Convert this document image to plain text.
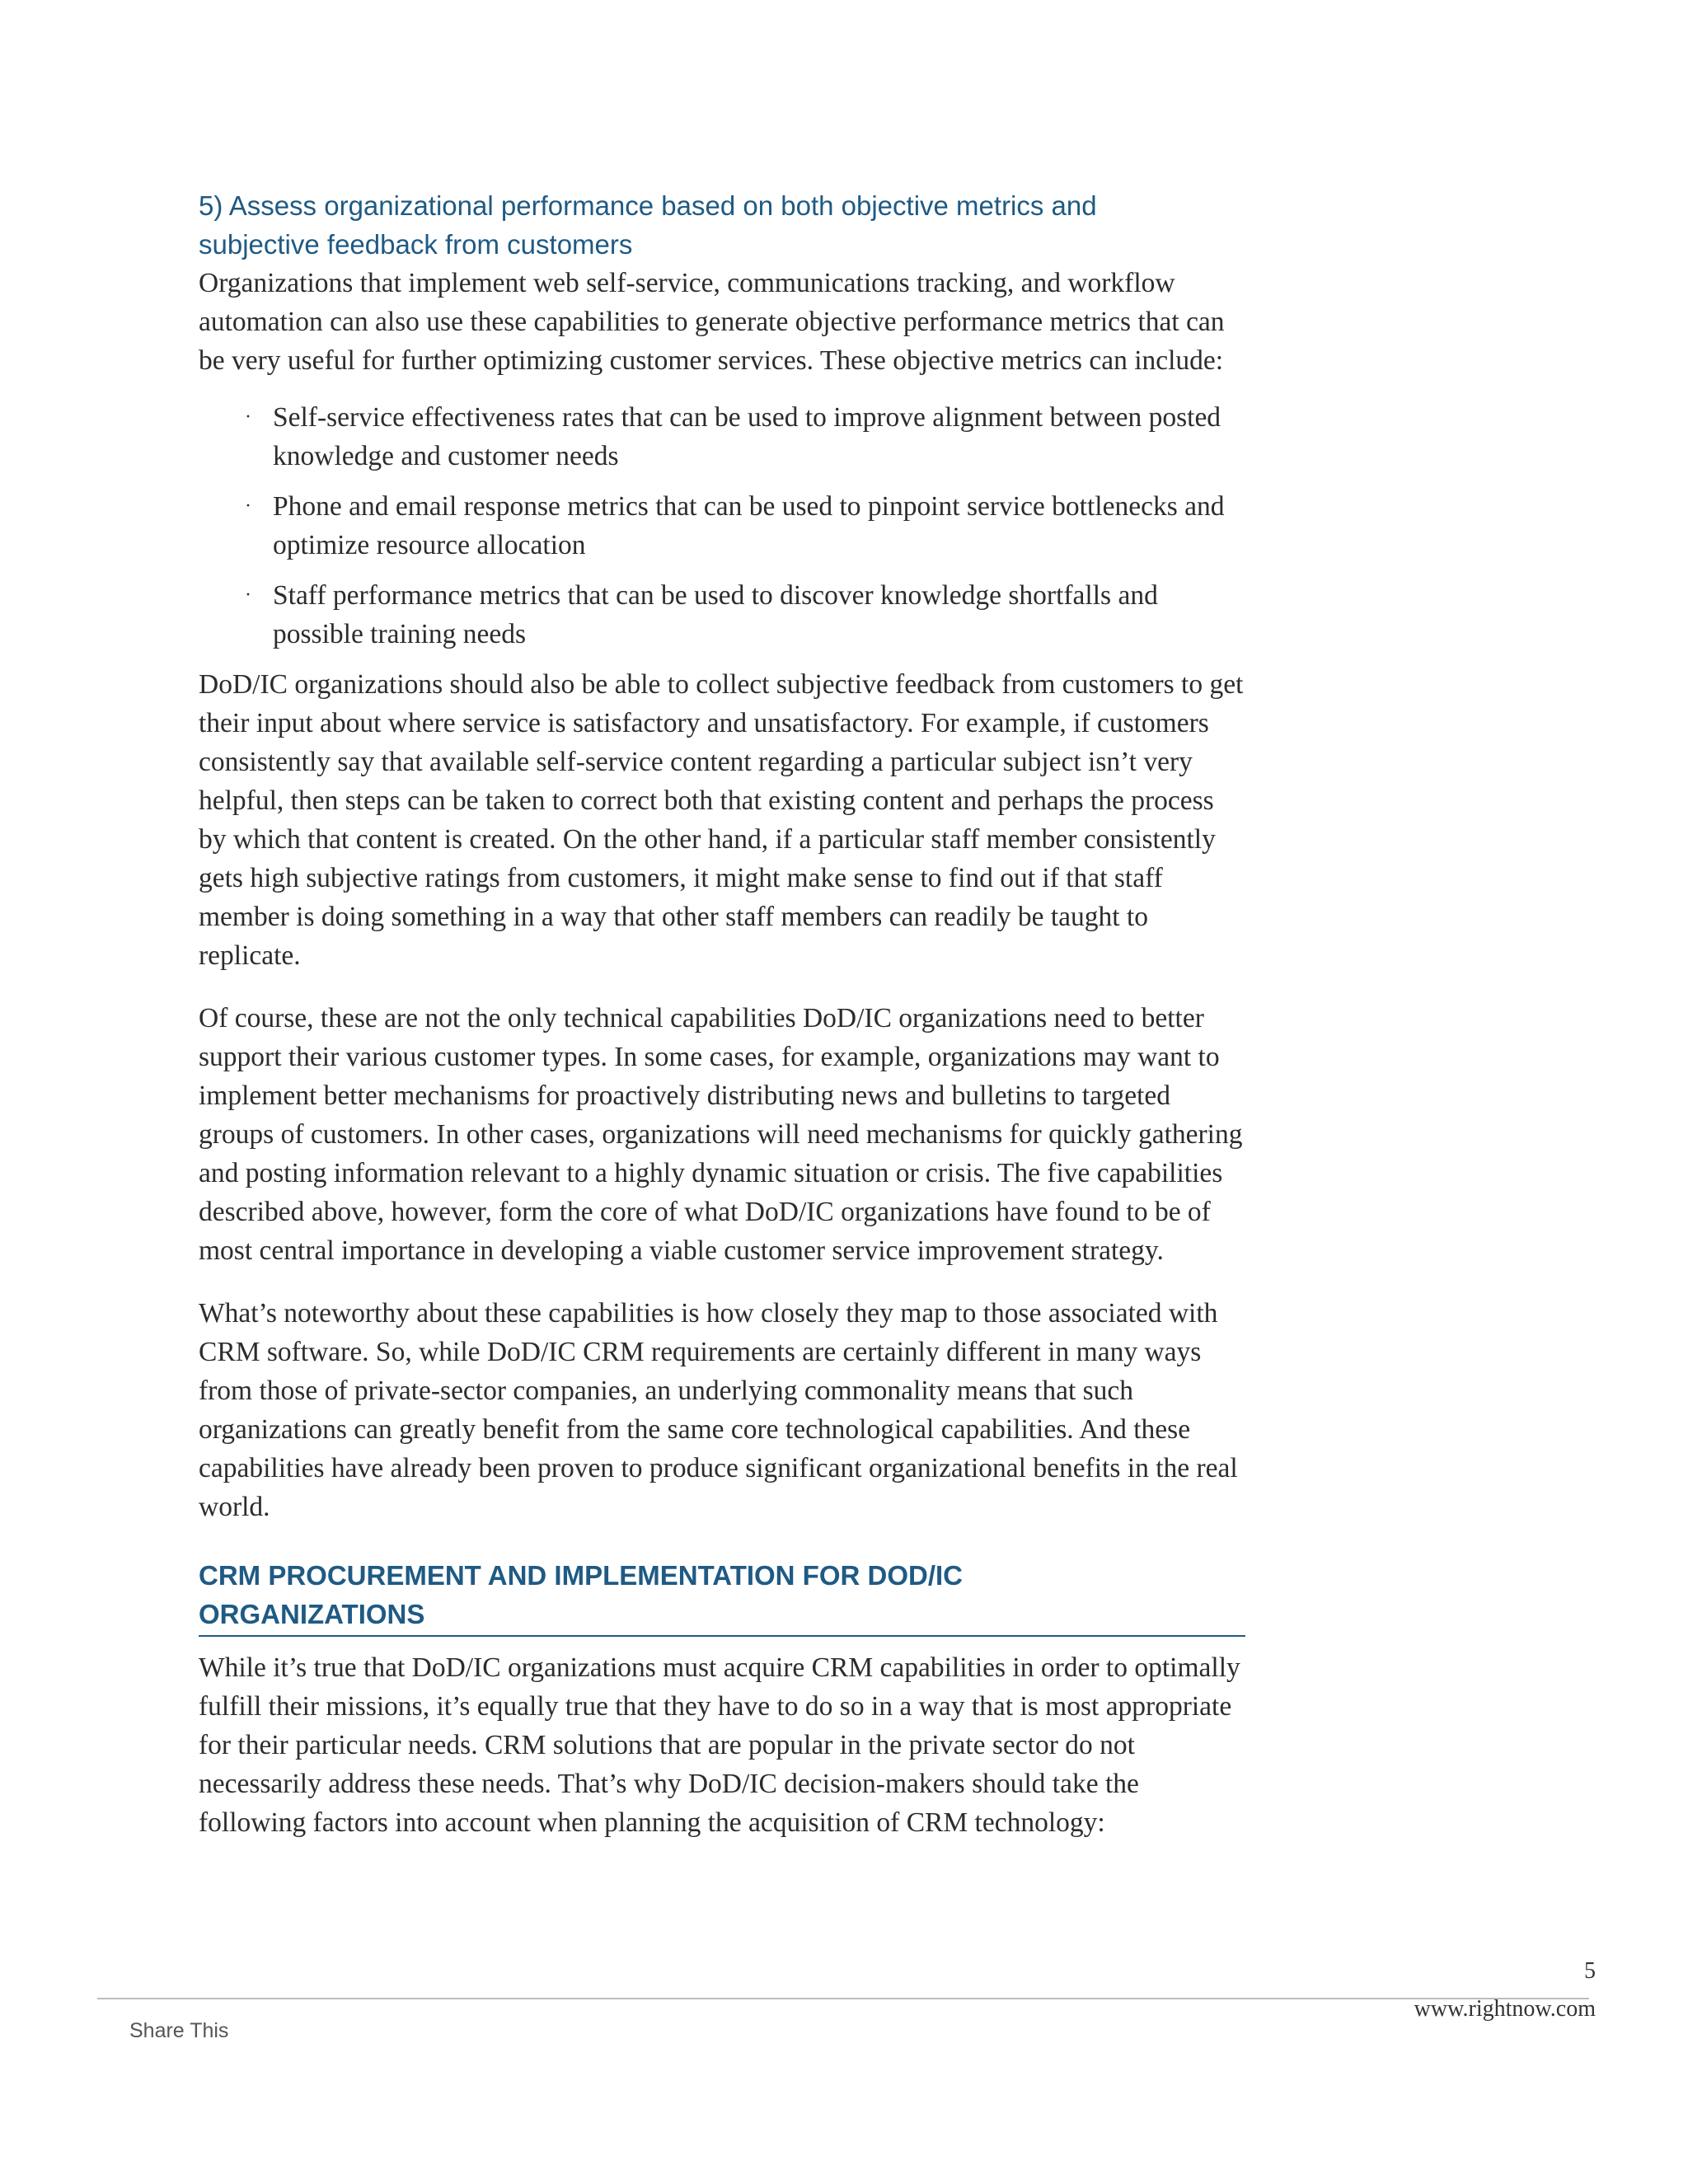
5) Assess organizational performance based on both objective metrics and
subjective feedback from customers

Organizations that implement web self-service, communications tracking, and workflow automation can also use these capabilities to generate objective performance metrics that can be very useful for further optimizing customer services. These objective metrics can include:

· Self-service effectiveness rates that can be used to improve alignment between posted knowledge and customer needs
· Phone and email response metrics that can be used to pinpoint service bottlenecks and optimize resource allocation
· Staff performance metrics that can be used to discover knowledge shortfalls and possible training needs

DoD/IC organizations should also be able to collect subjective feedback from customers to get their input about where service is satisfactory and unsatisfactory. For example, if customers consistently say that available self-service content regarding a particular subject isn’t very helpful, then steps can be taken to correct both that existing content and perhaps the process by which that content is created. On the other hand, if a particular staff member consistently gets high subjective ratings from customers, it might make sense to find out if that staff member is doing something in a way that other staff members can readily be taught to replicate.

Of course, these are not the only technical capabilities DoD/IC organizations need to better support their various customer types. In some cases, for example, organizations may want to implement better mechanisms for proactively distributing news and bulletins to targeted groups of customers. In other cases, organizations will need mechanisms for quickly gathering and posting information relevant to a highly dynamic situation or crisis. The five capabilities described above, however, form the core of what DoD/IC organizations have found to be of most central importance in developing a viable customer service improvement strategy.

What’s noteworthy about these capabilities is how closely they map to those associated with CRM software. So, while DoD/IC CRM requirements are certainly different in many ways from those of private-sector companies, an underlying commonality means that such organizations can greatly benefit from the same core technological capabilities. And these capabilities have already been proven to produce significant organizational benefits in the real world.

CRM PROCUREMENT AND IMPLEMENTATION FOR DOD/IC
ORGANIZATIONS

While it’s true that DoD/IC organizations must acquire CRM capabilities in order to optimally fulfill their missions, it’s equally true that they have to do so in a way that is most appropriate for their particular needs. CRM solutions that are popular in the private sector do not necessarily address these needs. That’s why DoD/IC decision-makers should take the following factors into account when planning the acquisition of CRM technology:

5
www.rightnow.com
Share This
